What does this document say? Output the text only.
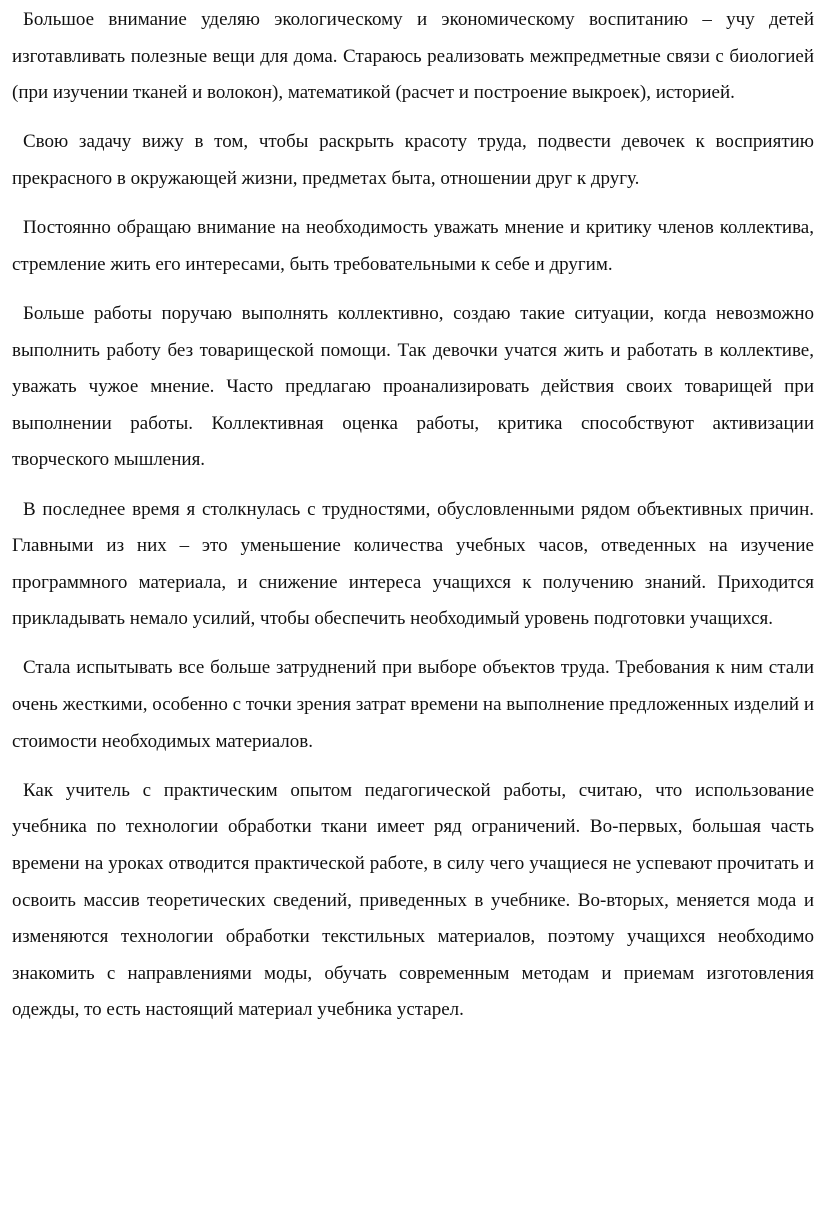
Большое внимание уделяю экологическому и экономическому воспитанию – учу детей изготавливать полезные вещи для дома. Стараюсь реализовать межпредметные связи с биологией (при изучении тканей и волокон), математикой (расчет и построение выкроек), историей.

Свою задачу вижу в том, чтобы раскрыть красоту труда, подвести девочек к восприятию прекрасного в окружающей жизни, предметах быта, отношении друг к другу.

Постоянно обращаю внимание на необходимость уважать мнение и критику членов коллектива, стремление жить его интересами, быть требовательными к себе и другим.

Больше работы поручаю выполнять коллективно, создаю такие ситуации, когда невозможно выполнить работу без товарищеской помощи. Так девочки учатся жить и работать в коллективе, уважать чужое мнение. Часто предлагаю проанализировать действия своих товарищей при выполнении работы. Коллективная оценка работы, критика способствуют активизации творческого мышления.

В последнее время я столкнулась с трудностями, обусловленными рядом объективных причин. Главными из них – это уменьшение количества учебных часов, отведенных на изучение программного материала, и снижение интереса учащихся к получению знаний. Приходится прикладывать немало усилий, чтобы обеспечить необходимый уровень подготовки учащихся.

Стала испытывать все больше затруднений при выборе объектов труда. Требования к ним стали очень жесткими, особенно с точки зрения затрат времени на выполнение предложенных изделий и стоимости необходимых материалов.

Как учитель с практическим опытом педагогической работы, считаю, что использование учебника по технологии обработки ткани имеет ряд ограничений. Во-первых, большая часть времени на уроках отводится практической работе, в силу чего учащиеся не успевают прочитать и освоить массив теоретических сведений, приведенных в учебнике. Во-вторых, меняется мода и изменяются технологии обработки текстильных материалов, поэтому учащихся необходимо знакомить с направлениями моды, обучать современным методам и приемам изготовления одежды, то есть настоящий материал учебника устарел.
